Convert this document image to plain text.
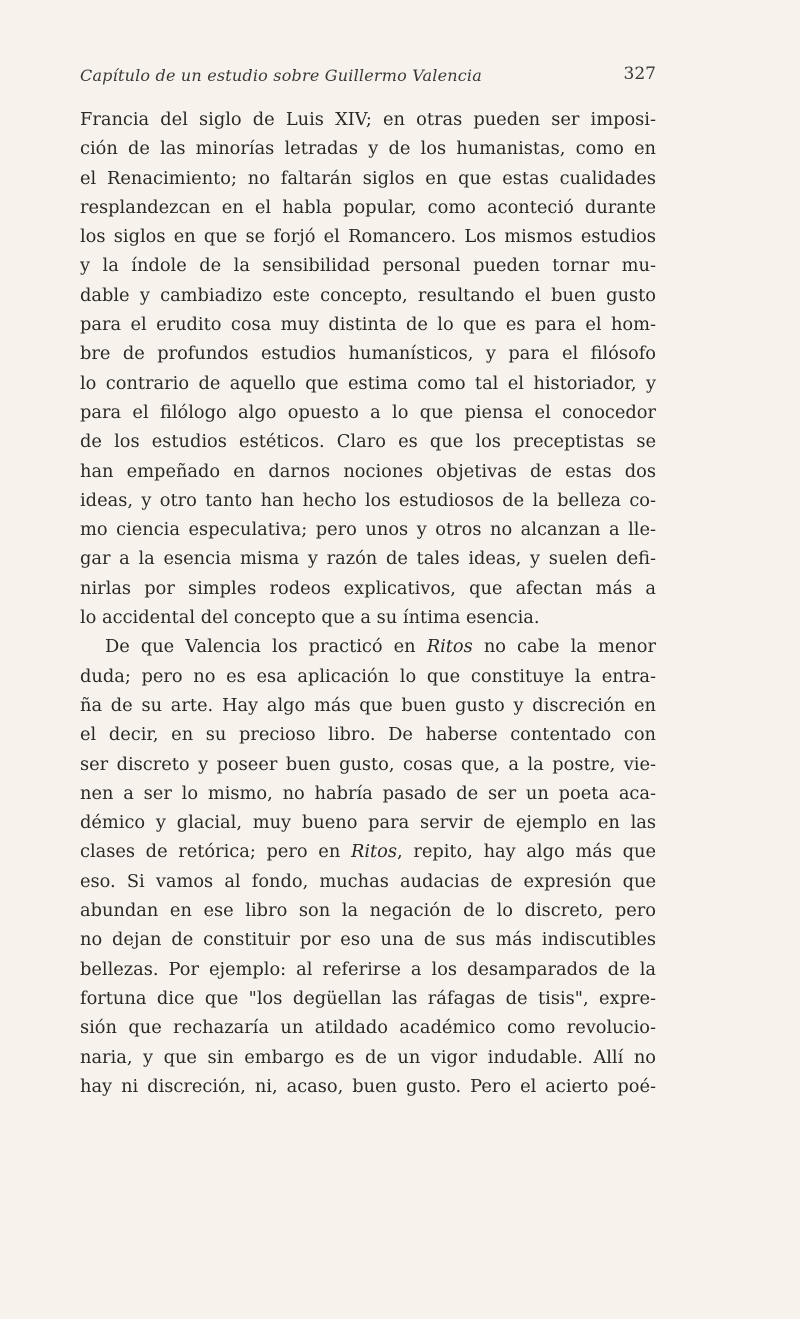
Capítulo de un estudio sobre Guillermo Valencia	327
Francia del siglo de Luis XIV; en otras pueden ser imposi-
ción de las minorías letradas y de los humanistas, como en
el Renacimiento; no faltarán siglos en que estas cualidades
resplandezcan en el habla popular, como aconteció durante
los siglos en que se forjó el Romancero. Los mismos estudios
y la índole de la sensibilidad personal pueden tornar mu-
dable y cambiadizo este concepto, resultando el buen gusto
para el erudito cosa muy distinta de lo que es para el hom-
bre de profundos estudios humanísticos, y para el filósofo
lo contrario de aquello que estima como tal el historiador, y
para el filólogo algo opuesto a lo que piensa el conocedor
de los estudios estéticos. Claro es que los preceptistas se
han empeñado en darnos nociones objetivas de estas dos
ideas, y otro tanto han hecho los estudiosos de la belleza co-
mo ciencia especulativa; pero unos y otros no alcanzan a lle-
gar a la esencia misma y razón de tales ideas, y suelen defi-
nirlas por simples rodeos explicativos, que afectan más a
lo accidental del concepto que a su íntima esencia.
De que Valencia los practicó en Ritos no cabe la menor
duda; pero no es esa aplicación lo que constituye la entra-
ña de su arte. Hay algo más que buen gusto y discreción en
el decir, en su precioso libro. De haberse contentado con
ser discreto y poseer buen gusto, cosas que, a la postre, vie-
nen a ser lo mismo, no habría pasado de ser un poeta aca-
démico y glacial, muy bueno para servir de ejemplo en las
clases de retórica; pero en Ritos, repito, hay algo más que
eso. Si vamos al fondo, muchas audacias de expresión que
abundan en ese libro son la negación de lo discreto, pero
no dejan de constituir por eso una de sus más indiscutibles
bellezas. Por ejemplo: al referirse a los desamparados de la
fortuna dice que "los degüellan las ráfagas de tisis", expre-
sión que rechazaría un atildado académico como revolucio-
naria, y que sin embargo es de un vigor indudable. Allí no
hay ni discreción, ni, acaso, buen gusto. Pero el acierto poé-
